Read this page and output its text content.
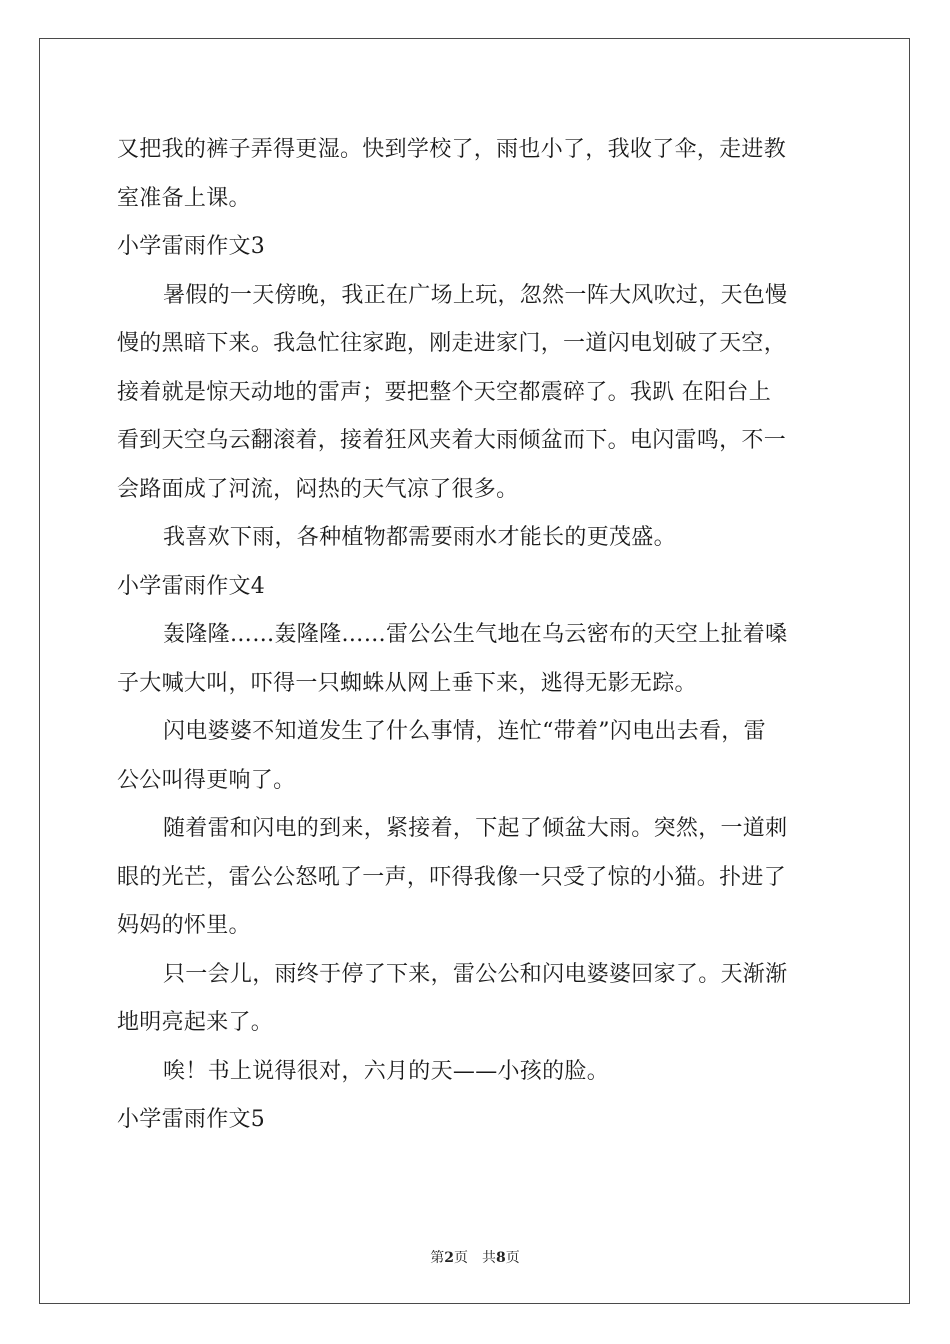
又把我的裤子弄得更湿。快到学校了，雨也小了，我收了伞，走进教
室准备上课。
小学雷雨作文3
暑假的一天傍晚，我正在广场上玩，忽然一阵大风吹过，天色慢
慢的黑暗下来。我急忙往家跑，刚走进家门，一道闪电划破了天空，
接着就是惊天动地的雷声；要把整个天空都震碎了。我趴 在阳台上
看到天空乌云翻滚着，接着狂风夹着大雨倾盆而下。电闪雷鸣，不一
会路面成了河流，闷热的天气凉了很多。
我喜欢下雨，各种植物都需要雨水才能长的更茂盛。
小学雷雨作文4
轰隆隆……轰隆隆……雷公公生气地在乌云密布的天空上扯着嗓
子大喊大叫，吓得一只蜘蛛从网上垂下来，逃得无影无踪。
闪电婆婆不知道发生了什么事情，连忙“带着”闪电出去看，雷
公公叫得更响了。
随着雷和闪电的到来，紧接着，下起了倾盆大雨。突然，一道刺
眼的光芒，雷公公怒吼了一声，吓得我像一只受了惊的小猫。扑进了
妈妈的怀里。
只一会儿，雨终于停了下来，雷公公和闪电婆婆回家了。天渐渐
地明亮起来了。
唉！书上说得很对，六月的天——小孩的脸。
小学雷雨作文5
第2页 共8页
